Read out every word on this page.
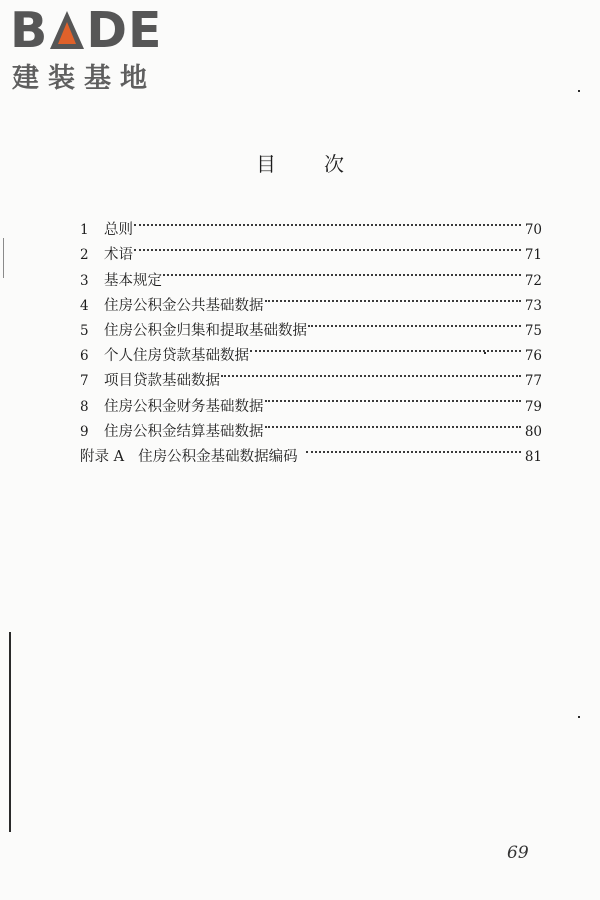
B DE
建装基地
目 次
1	总则	70
2	术语	71
3	基本规定	72
4	住房公积金公共基础数据	73
5	住房公积金归集和提取基础数据	75
6	个人住房贷款基础数据	76
7	项目贷款基础数据	77
8	住房公积金财务基础数据	79
9	住房公积金结算基础数据	80
附录 A 住房公积金基础数据编码	81
69
